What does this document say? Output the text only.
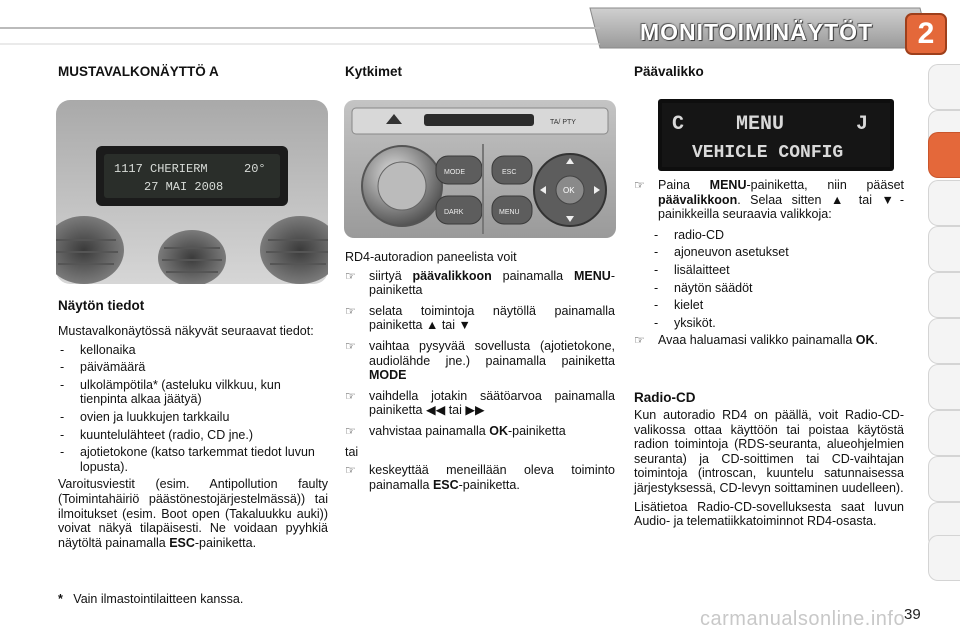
MONITOIMINÄYTÖT	2
MUSTAVALKONÄYTTÖ A
1117 CHERIERM	20°
27 MAI 2008
Näytön tiedot

Mustavalkonäytössä näkyvät seuraavat tiedot:

- kellonaika
- päivämäärä
- ulkolämpötila* (asteluku vilkkuu, kun tienpinta alkaa jäätyä)
- ovien ja luukkujen tarkkailu
- kuuntelulähteet (radio, CD jne.)
- ajotietokone (katso tarkemmat tiedot luvun lopusta).

Varoitusviestit (esim. Antipollution faulty (Toimintahäiriö päästönestojärjestelmässä)) tai ilmoitukset (esim. Boot open (Takaluukku auki)) voivat näkyä tilapäisesti. Ne voidaan pyyhkiä näytöltä painamalla ESC-painiketta.

Kytkimet
TA/ PTY
MODE
DARK
ESC
MENU
OK

RD4-autoradion paneelista voit

☞ siirtyä päävalikkoon painamalla MENU-painiketta
☞ selata toimintoja näytöllä painamalla painiketta ▲ tai ▼
☞ vaihtaa pysyvää sovellusta (ajotietokone, audiolähde jne.) painamalla painiketta MODE
☞ vaihdella jotakin säätöarvoa painamalla painiketta ◀◀ tai ▶▶
☞ vahvistaa painamalla OK-painiketta

tai

☞ keskeyttää meneillään oleva toiminto painamalla ESC-painiketta.
Päävalikko
C	MENU	J
VEHICLE CONFIG
☞ Paina MENU-painiketta, niin pääset päävalikkoon. Selaa sitten ▲ tai ▼-painikkeilla seuraavia valikkoja:
- radio-CD
- ajoneuvon asetukset
- lisälaitteet
- näytön säädöt
- kielet
- yksiköt.
☞ Avaa haluamasi valikko painamalla OK.
Radio-CD

Kun autoradio RD4 on päällä, voit Radio-CD-valikossa ottaa käyttöön tai poistaa käytöstä radion toimintoja (RDS-seuranta, alueohjelmien seuranta) ja CD-soittimen tai CD-vaihtajan toimintoja (introscan, kuuntelu satunnaisessa järjestyksessä, CD-levyn soittaminen uudelleen).

Lisätietoa Radio-CD-sovelluksesta saat luvun Audio- ja telematiikkatoiminnot RD4-osasta.

* Vain ilmastointilaitteen kanssa.
carmanualsonline.info
39
